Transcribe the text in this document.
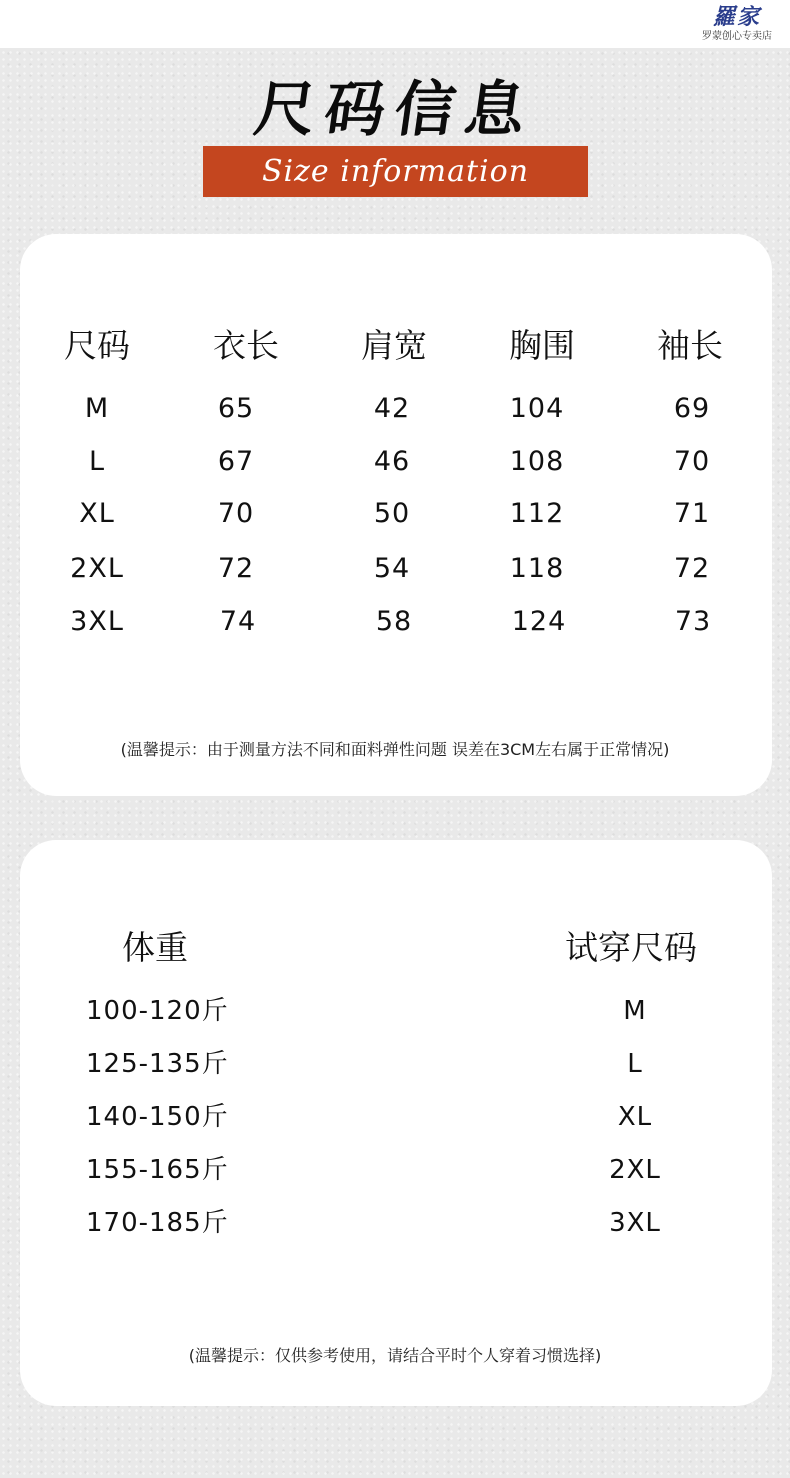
羅家
罗蒙创心专卖店
尺码信息
Size information
尺码	衣长	肩宽	胸围	袖长
M	65	42	104	69
L	67	46	108	70
XL	70	50	112	71
2XL	72	54	118	72
3XL	74	58	124	73
(温馨提示：由于测量方法不同和面料弹性问题 误差在3CM左右属于正常情况)
体重	试穿尺码
100-120斤	M
125-135斤	L
140-150斤	XL
155-165斤	2XL
170-185斤	3XL
(温馨提示：仅供参考使用，请结合平时个人穿着习惯选择)
